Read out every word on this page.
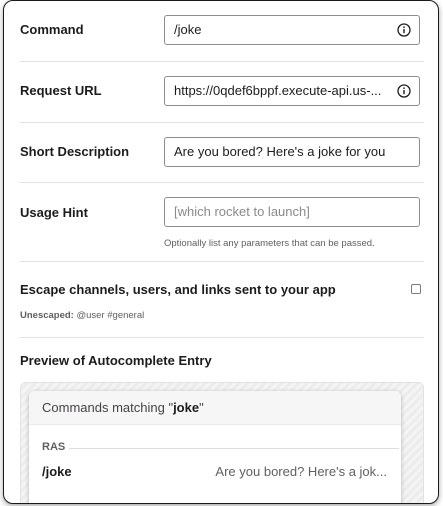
Command	/joke
Request URL	https://0qdef6bppf.execute-api.us-...
Short Description	Are you bored? Here's a joke for you
Usage Hint	[which rocket to launch]
Optionally list any parameters that can be passed.
Escape channels, users, and links sent to your app
Unescaped: @user #general
Preview of Autocomplete Entry
Commands matching "joke"
RAS
/joke	Are you bored? Here's a jok...
